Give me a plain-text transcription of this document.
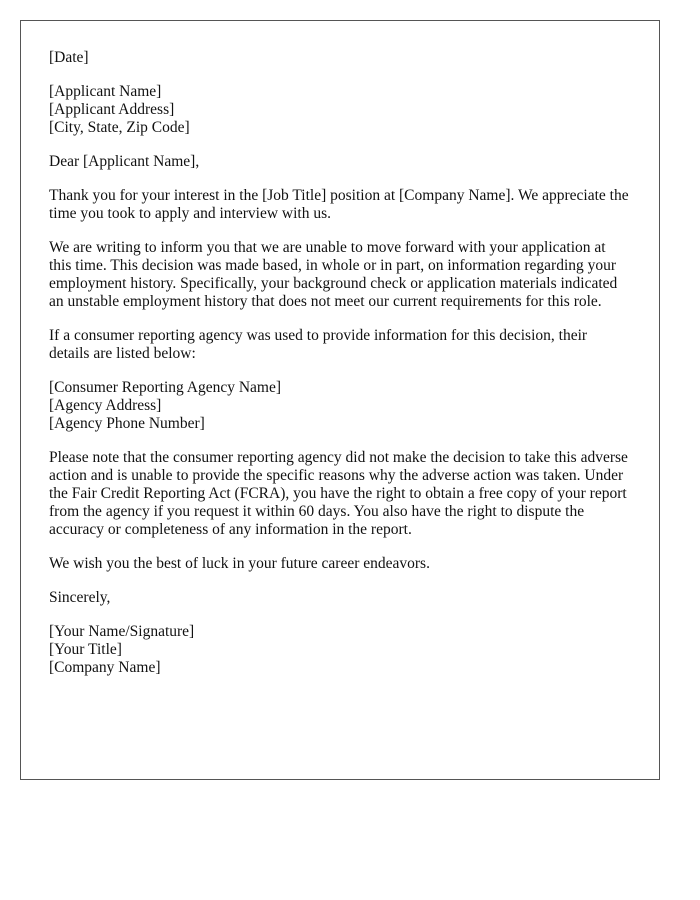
[Date]

[Applicant Name]
[Applicant Address]
[City, State, Zip Code]

Dear [Applicant Name],

Thank you for your interest in the [Job Title] position at [Company Name]. We appreciate the time you took to apply and interview with us.

We are writing to inform you that we are unable to move forward with your application at this time. This decision was made based, in whole or in part, on information regarding your employment history. Specifically, your background check or application materials indicated an unstable employment history that does not meet our current requirements for this role.

If a consumer reporting agency was used to provide information for this decision, their details are listed below:

[Consumer Reporting Agency Name]
[Agency Address]
[Agency Phone Number]

Please note that the consumer reporting agency did not make the decision to take this adverse action and is unable to provide the specific reasons why the adverse action was taken. Under the Fair Credit Reporting Act (FCRA), you have the right to obtain a free copy of your report from the agency if you request it within 60 days. You also have the right to dispute the accuracy or completeness of any information in the report.

We wish you the best of luck in your future career endeavors.

Sincerely,

[Your Name/Signature]
[Your Title]
[Company Name]
